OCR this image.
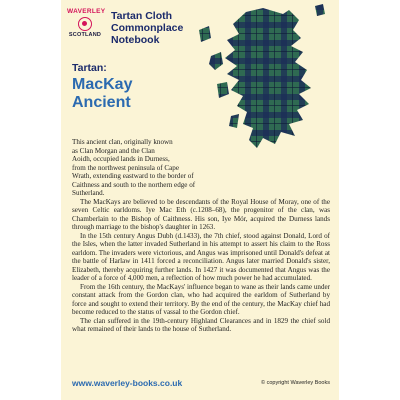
WAVERLEY
SCOTLAND
Tartan Cloth
Commonplace
Notebook
Tartan:
MacKay
Ancient

This ancient clan, originally known
as Clan Morgan and the Clan
Aoidh, occupied lands in Durness,
from the northwest peninsula of Cape
Wrath, extending eastward to the border of
Caithness and south to the northern edge of
Sutherland.

The MacKays are believed to be descendants of the Royal House of Moray, one of the seven Celtic earldoms. Iye Mac Eth (c.1208–68), the progenitor of the clan, was Chamberlain to the Bishop of Caithness. His son, Iye Mór, acquired the Durness lands through marriage to the bishop's daughter in 1263.

In the 15th century Angus Dubh (d.1433), the 7th chief, stood against Donald, Lord of the Isles, when the latter invaded Sutherland in his attempt to assert his claim to the Ross earldom. The invaders were victorious, and Angus was imprisoned until Donald's defeat at the battle of Harlaw in 1411 forced a reconciliation. Angus later married Donald's sister, Elizabeth, thereby acquiring further lands. In 1427 it was documented that Angus was the leader of a force of 4,000 men, a reflection of how much power he had accumulated.

From the 16th century, the MacKays' influence began to wane as their lands came under constant attack from the Gordon clan, who had acquired the earldom of Sutherland by force and sought to extend their territory. By the end of the century, the MacKay chief had become reduced to the status of vassal to the Gordon chief.

The clan suffered in the 19th-century Highland Clearances and in 1829 the chief sold what remained of their lands to the house of Sutherland.

www.waverley-books.co.uk	© copyright Waverley Books
